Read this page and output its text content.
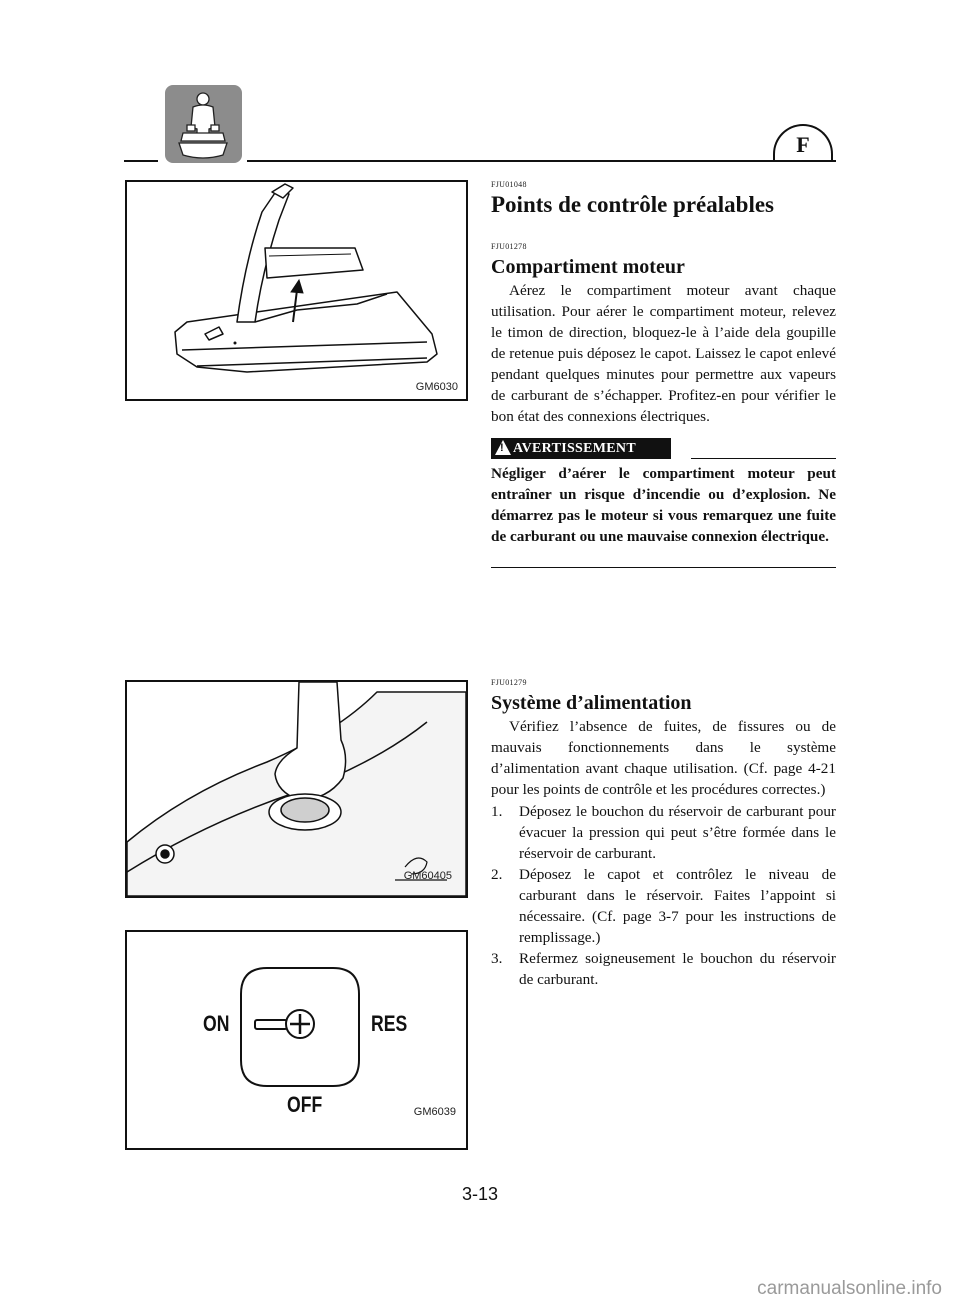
F
GM6030
FJU01048
Points de contrôle préalables
FJU01278
Compartiment moteur

Aérez le compartiment moteur avant chaque utilisation. Pour aérer le compartiment moteur, relevez le timon de direction, bloquez-le à l’aide dela goupille de retenue puis déposez le capot. Laissez le capot enlevé pendant quelques minutes pour permettre aux vapeurs de carburant de s’échapper. Profitez-en pour vérifier le bon état des connexions électriques.

! AVERTISSEMENT

Négliger d’aérer le compartiment moteur peut entraîner un risque d’incendie ou d’explosion. Ne démarrez pas le moteur si vous remarquez une fuite de carburant ou une mauvaise connexion électrique.

GM60405
FJU01279
Système d’alimentation

Vérifiez l’absence de fuites, de fissures ou de mauvais fonctionnements dans le système d’alimentation avant chaque utilisation. (Cf. page 4-21 pour les points de contrôle et les procédures correctes.)

1. Déposez le bouchon du réservoir de carburant pour évacuer la pression qui peut s’être formée dans le réservoir de carburant.
2. Déposez le capot et contrôlez le niveau de carburant dans le réservoir. Faites l’appoint si nécessaire. (Cf. page 3-7 pour les instructions de remplissage.)
3. Refermez soigneusement le bouchon du réservoir de carburant.
ON	RES
OFF	GM6039
3-13
carmanualsonline.info
